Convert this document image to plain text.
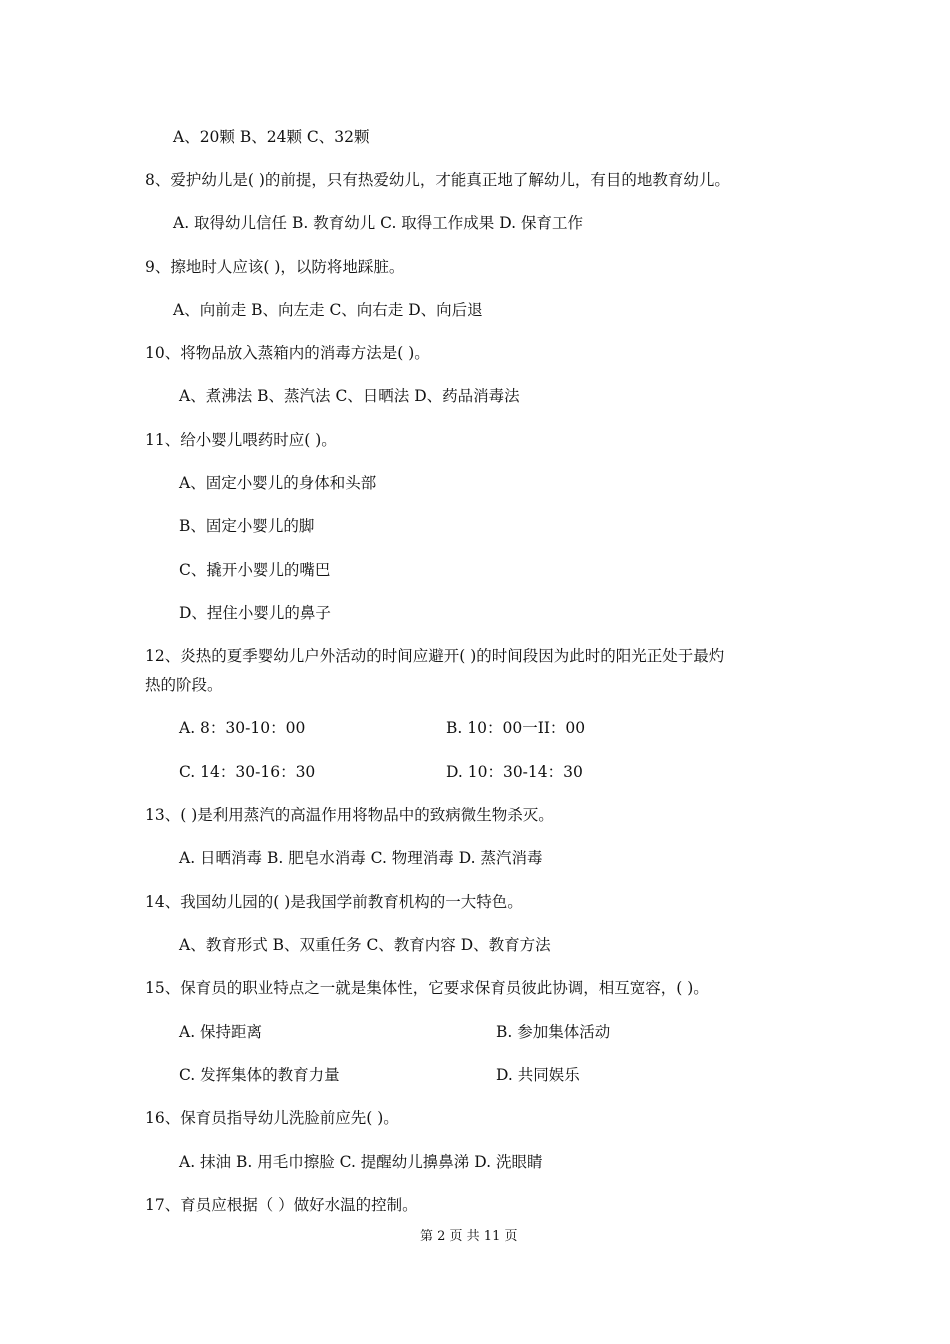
A、20颗 B、24颗 C、32颗
8、爱护幼儿是( )的前提，只有热爱幼儿，才能真正地了解幼儿，有目的地教育幼儿。
A. 取得幼儿信任 B. 教育幼儿 C. 取得工作成果 D. 保育工作
9、擦地时人应该( )，以防将地踩脏。
A、向前走 B、向左走 C、向右走 D、向后退
10、将物品放入蒸箱内的消毒方法是( )。
A、煮沸法 B、蒸汽法 C、日晒法 D、药品消毒法
11、给小婴儿喂药时应( )。
A、固定小婴儿的身体和头部
B、固定小婴儿的脚
C、撬开小婴儿的嘴巴
D、捏住小婴儿的鼻子
12、炎热的夏季婴幼儿户外活动的时间应避开( )的时间段因为此时的阳光正处于最灼
热的阶段。
A. 8：30-10：00	B. 10：00一II：00
C. 14：30-16：30	D. 10：30-14：30
13、( )是利用蒸汽的高温作用将物品中的致病微生物杀灭。
A. 日晒消毒 B. 肥皂水消毒 C. 物理消毒 D. 蒸汽消毒
14、我国幼儿园的( )是我国学前教育机构的一大特色。
A、教育形式 B、双重任务 C、教育内容 D、教育方法
15、保育员的职业特点之一就是集体性，它要求保育员彼此协调，相互宽容，( )。
A. 保持距离	B. 参加集体活动
C. 发挥集体的教育力量	D. 共同娱乐
16、保育员指导幼儿洗脸前应先( )。
A. 抹油 B. 用毛巾擦脸 C. 提醒幼儿擤鼻涕 D. 洗眼睛
17、育员应根据（ ）做好水温的控制。
第 2 页 共 11 页
